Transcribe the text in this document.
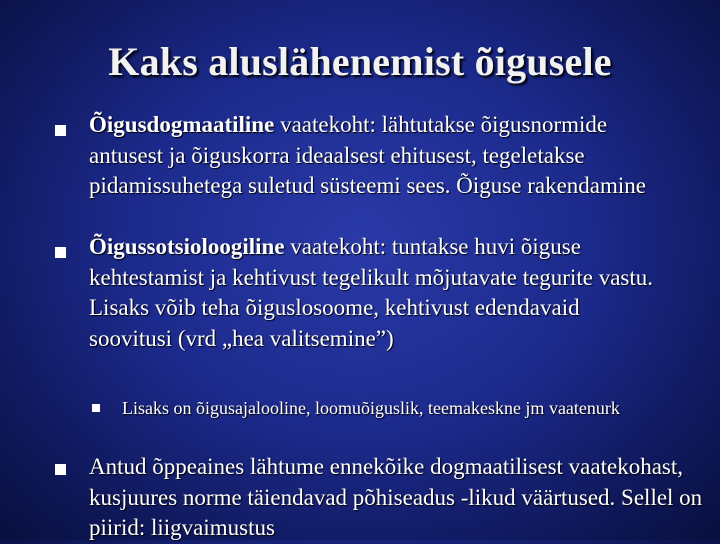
Kaks aluslähenemist õigusele
Õigusdogmaatiline vaatekoht: lähtutakse õigusnormide antusest ja õiguskorra ideaalsest ehitusest, tegeletakse pidamissuhetega suletud süsteemi sees. Õiguse rakendamine
Õigussotsioloogiline vaatekoht: tuntakse huvi õiguse kehtestamist ja kehtivust tegelikult mõjutavate tegurite vastu. Lisaks võib teha õiguslosoome, kehtivust edendavaid soovitusi (vrd „hea valitsemine”)
Lisaks on õigusajalooline, loomuõiguslik, teemakeskne jm vaatenurk
Antud õppeaines lähtume ennekõike dogmaatilisest vaatekohast, kusjuures norme täiendavad põhiseadus -likud väärtused. Sellel on piirid: liigvaimustus
